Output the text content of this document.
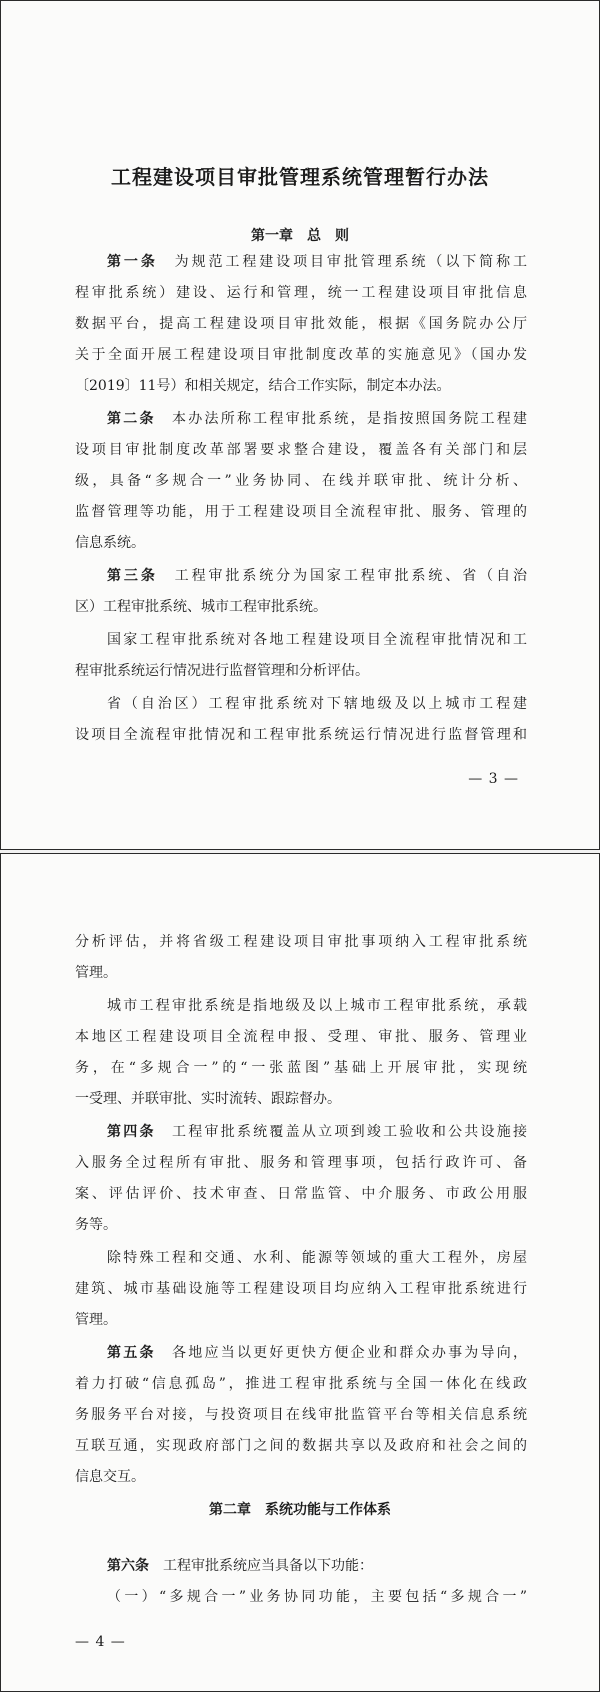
工程建设项目审批管理系统管理暂行办法
第一章　总　则
第一条　 为规范工程建设项目审批管理系统（以下简称工
程审批系统）建设、运行和管理，统一工程建设项目审批信息
数据平台，提高工程建设项目审批效能，根据《国务院办公厅
关于全面开展工程建设项目审批制度改革的实施意见》（国办发
〔2019〕11号）和相关规定，结合工作实际，制定本办法。
第二条　 本办法所称工程审批系统，是指按照国务院工程建
设项目审批制度改革部署要求整合建设，覆盖各有关部门和层
级，具备“多规合一”业务协同、在线并联审批、统计分析、
监督管理等功能，用于工程建设项目全流程审批、服务、管理的
信息系统。
第三条　 工程审批系统分为国家工程审批系统、省（自治
区）工程审批系统、城市工程审批系统。
国家工程审批系统对各地工程建设项目全流程审批情况和工
程审批系统运行情况进行监督管理和分析评估。
省（自治区）工程审批系统对下辖地级及以上城市工程建
设项目全流程审批情况和工程审批系统运行情况进行监督管理和
— 3 —
分析评估，并将省级工程建设项目审批事项纳入工程审批系统
管理。
城市工程审批系统是指地级及以上城市工程审批系统，承载
本地区工程建设项目全流程申报、受理、审批、服务、管理业
务，在“多规合一”的“一张蓝图”基础上开展审批，实现统
一受理、并联审批、实时流转、跟踪督办。
第四条　 工程审批系统覆盖从立项到竣工验收和公共设施接
入服务全过程所有审批、服务和管理事项，包括行政许可、备
案、评估评价、技术审查、日常监管、中介服务、市政公用服
务等。
除特殊工程和交通、水利、能源等领域的重大工程外，房屋
建筑、城市基础设施等工程建设项目均应纳入工程审批系统进行
管理。
第五条　 各地应当以更好更快方便企业和群众办事为导向，
着力打破“信息孤岛”，推进工程审批系统与全国一体化在线政
务服务平台对接，与投资项目在线审批监管平台等相关信息系统
互联互通，实现政府部门之间的数据共享以及政府和社会之间的
信息交互。
第二章　系统功能与工作体系
第六条　 工程审批系统应当具备以下功能：
（一）“多规合一”业务协同功能，主要包括“多规合一”
— 4 —
